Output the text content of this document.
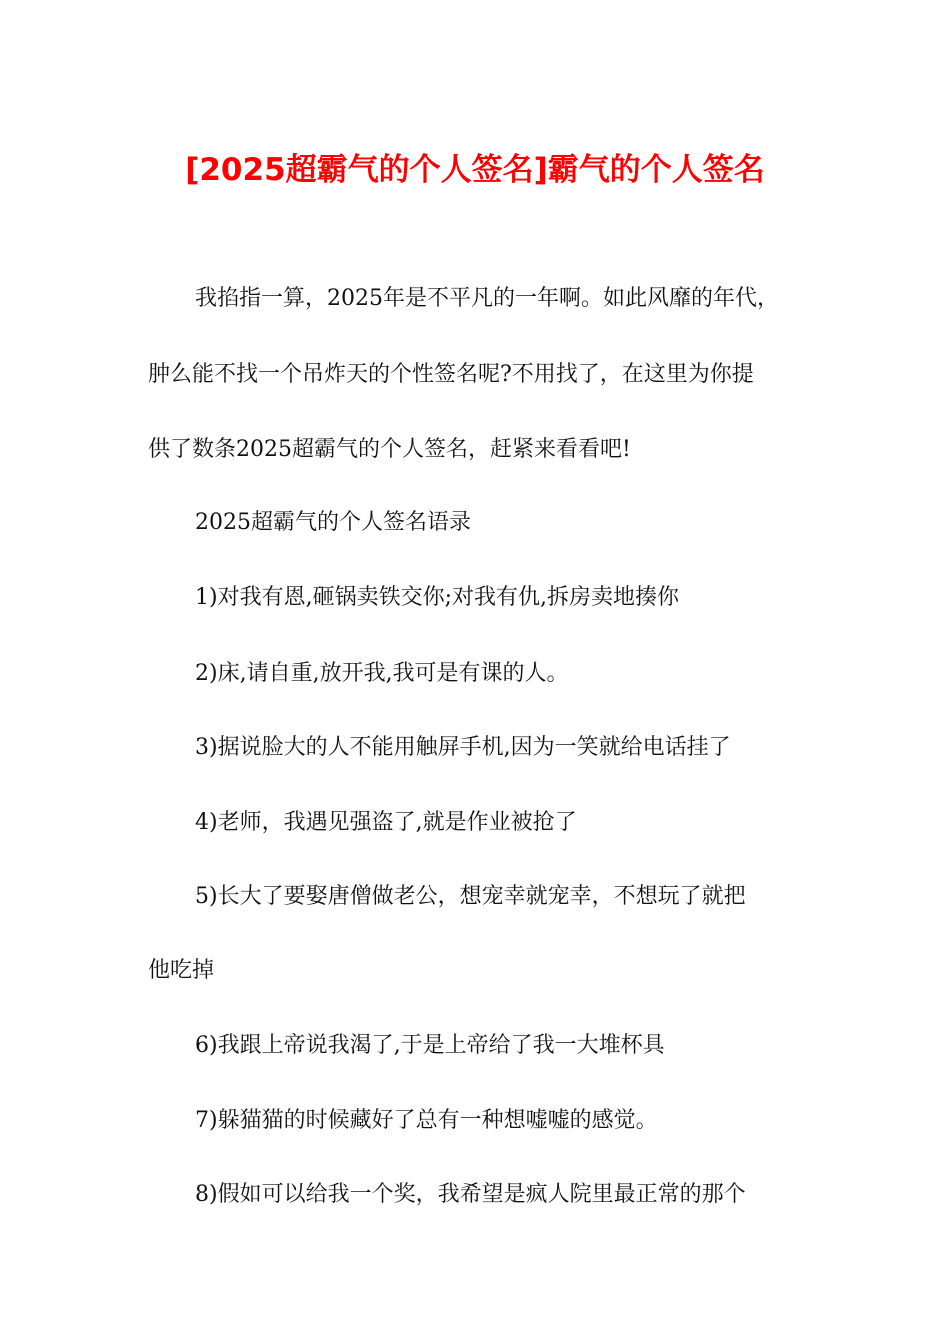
[2025超霸气的个人签名]霸气的个人签名
我掐指一算，2025年是不平凡的一年啊。如此风靡的年代，
肿么能不找一个吊炸天的个性签名呢?不用找了，在这里为你提
供了数条2025超霸气的个人签名，赶紧来看看吧!
2025超霸气的个人签名语录
1)对我有恩,砸锅卖铁交你;对我有仇,拆房卖地揍你
2)床,请自重,放开我,我可是有课的人。
3)据说脸大的人不能用触屏手机,因为一笑就给电话挂了
4)老师，我遇见强盗了,就是作业被抢了
5)长大了要娶唐僧做老公，想宠幸就宠幸，不想玩了就把
他吃掉
6)我跟上帝说我渴了,于是上帝给了我一大堆杯具
7)躲猫猫的时候藏好了总有一种想嘘嘘的感觉。
8)假如可以给我一个奖，我希望是疯人院里最正常的那个
